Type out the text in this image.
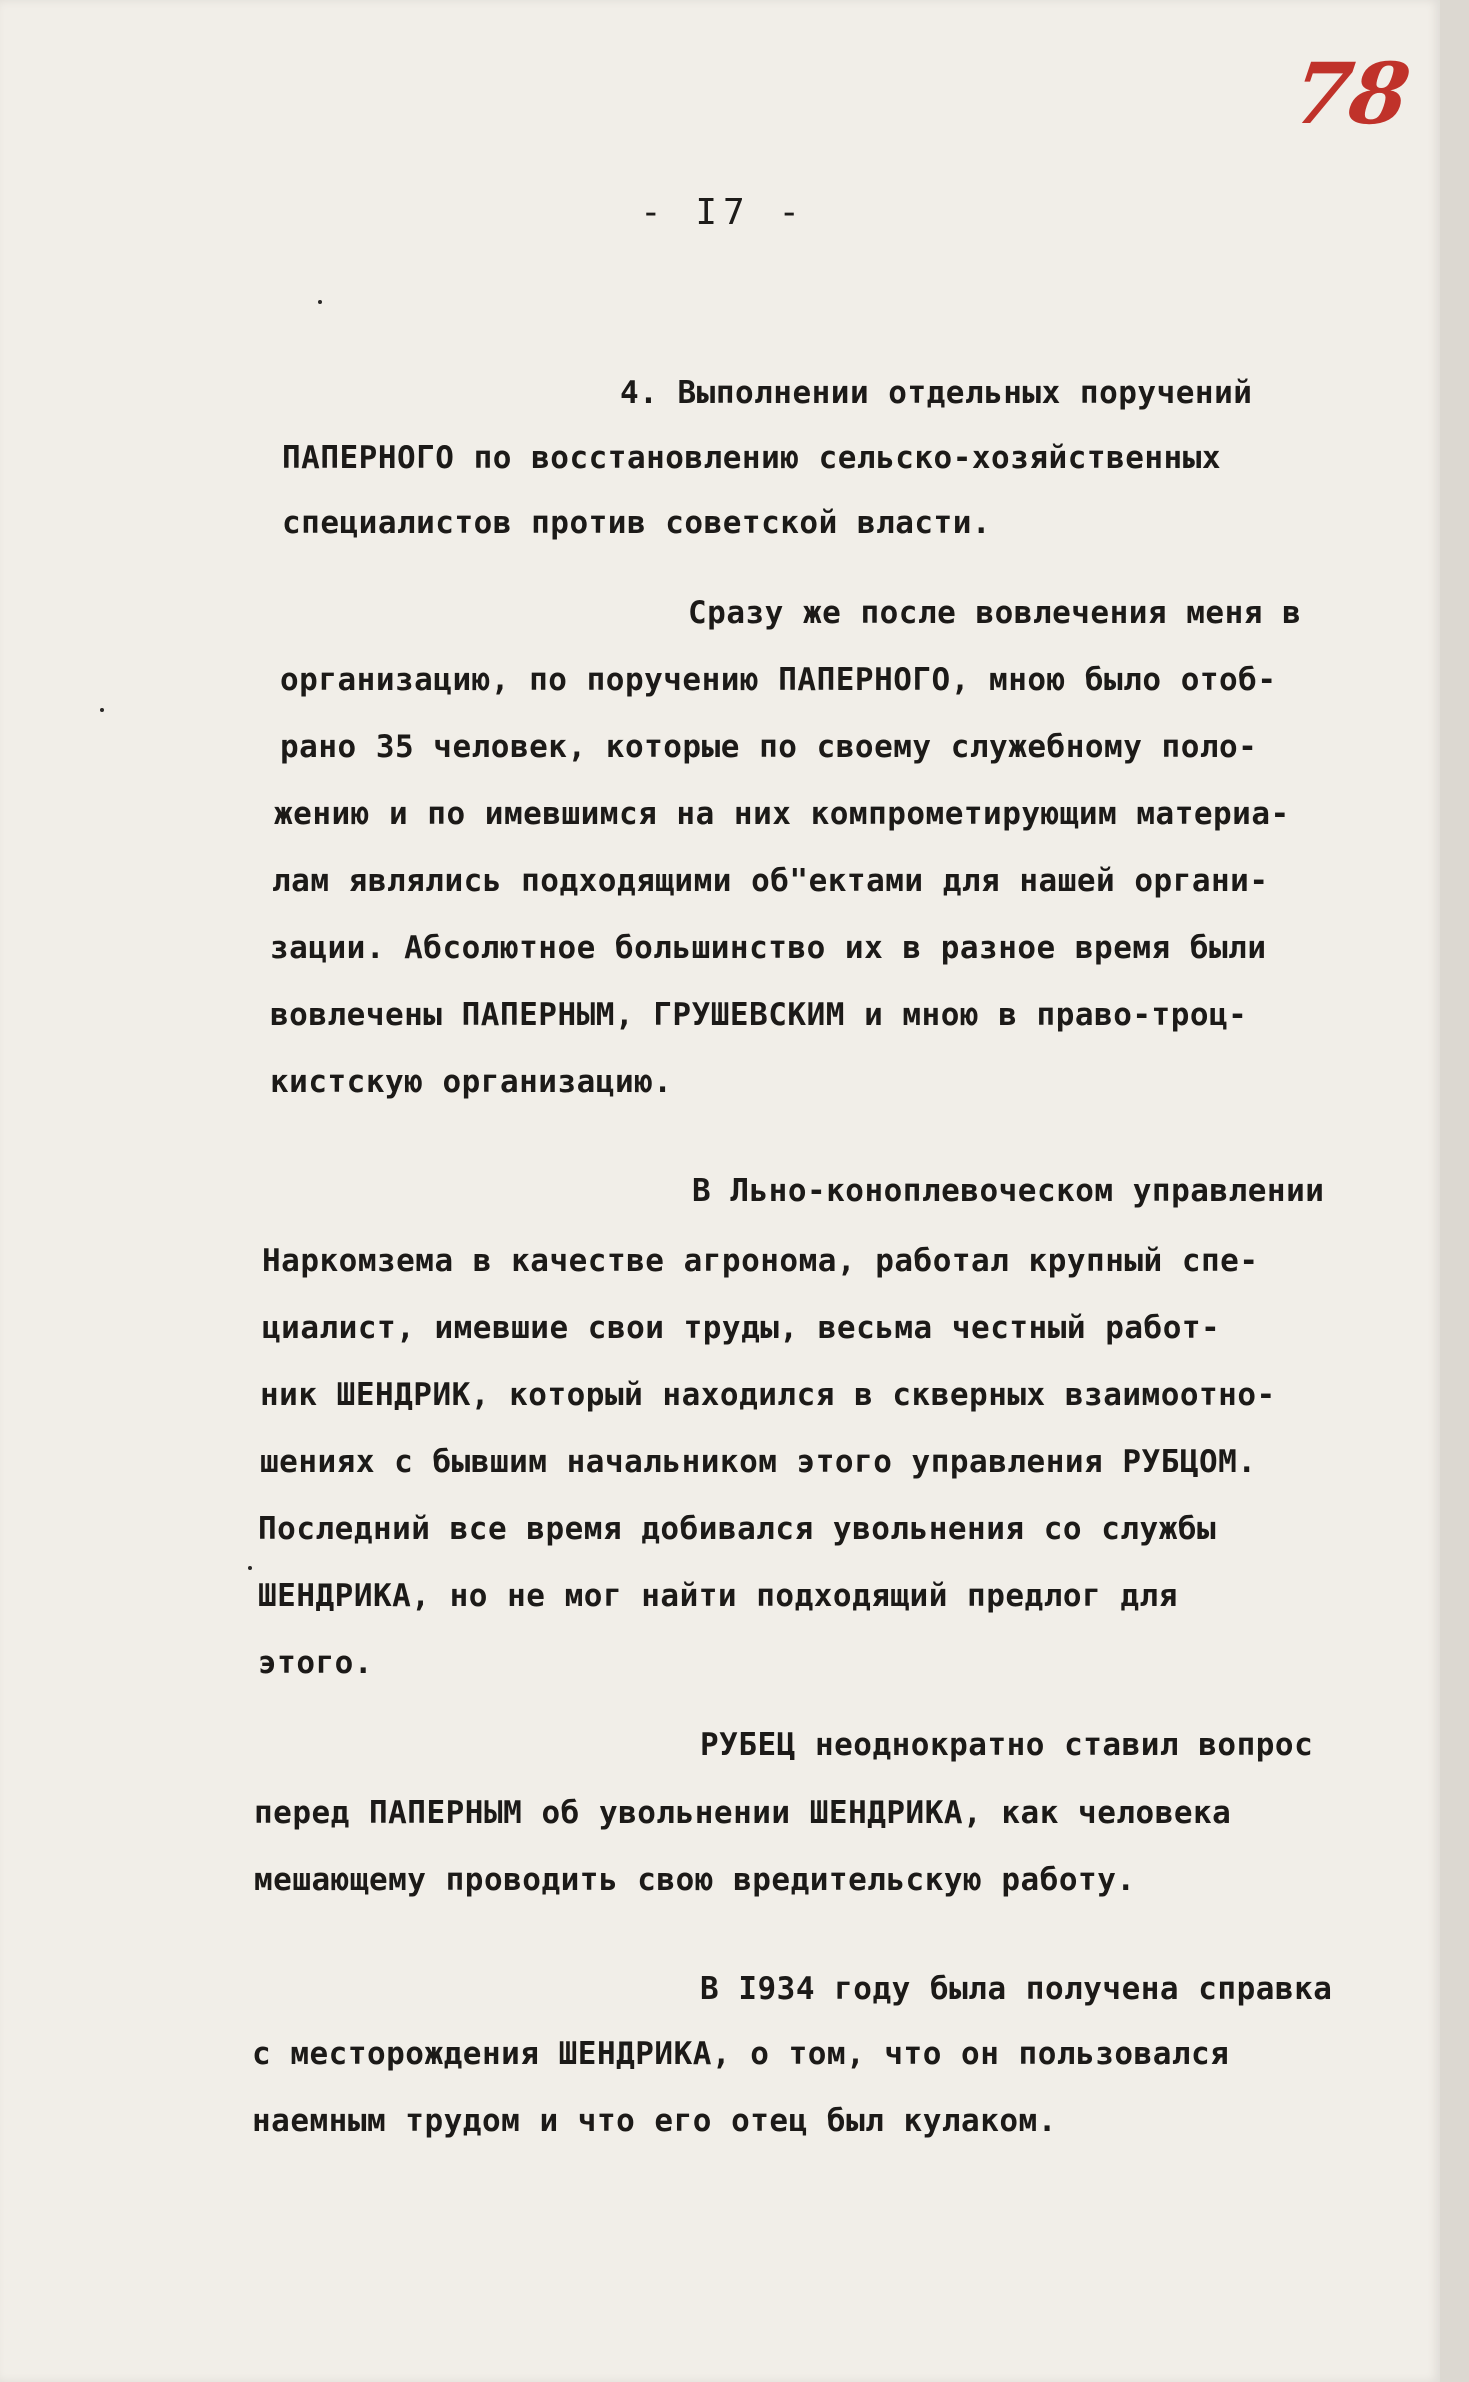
78
- I7 -
4. Выполнении отдельных поручений
ПАПЕРНОГО по восстановлению сельско-хозяйственных
специалистов против советской власти.
Сразу же после вовлечения меня в
организацию, по поручению ПАПЕРНОГО, мною было отоб-
рано 35 человек, которые по своему служебному поло-
жению и по имевшимся на них компрометирующим материа-
лам являлись подходящими об"ектами для нашей органи-
зации. Абсолютное большинство их в разное время были
вовлечены ПАПЕРНЫМ, ГРУШЕВСКИМ и мною в право-троц-
кистскую организацию.
В Льно-коноплевоческом управлении
Наркомзема в качестве агронома, работал крупный спе-
циалист, имевшие свои труды, весьма честный работ-
ник ШЕНДРИК, который находился в скверных взаимоотно-
шениях с бывшим начальником этого управления РУБЦОМ.
Последний все время добивался увольнения со службы
ШЕНДРИКА, но не мог найти подходящий предлог для
этого.
РУБЕЦ неоднократно ставил вопрос
перед ПАПЕРНЫМ об увольнении ШЕНДРИКА, как человека
мешающему проводить свою вредительскую работу.
В I934 году была получена справка
с месторождения ШЕНДРИКА, о том, что он пользовался
наемным трудом и что его отец был кулаком.
